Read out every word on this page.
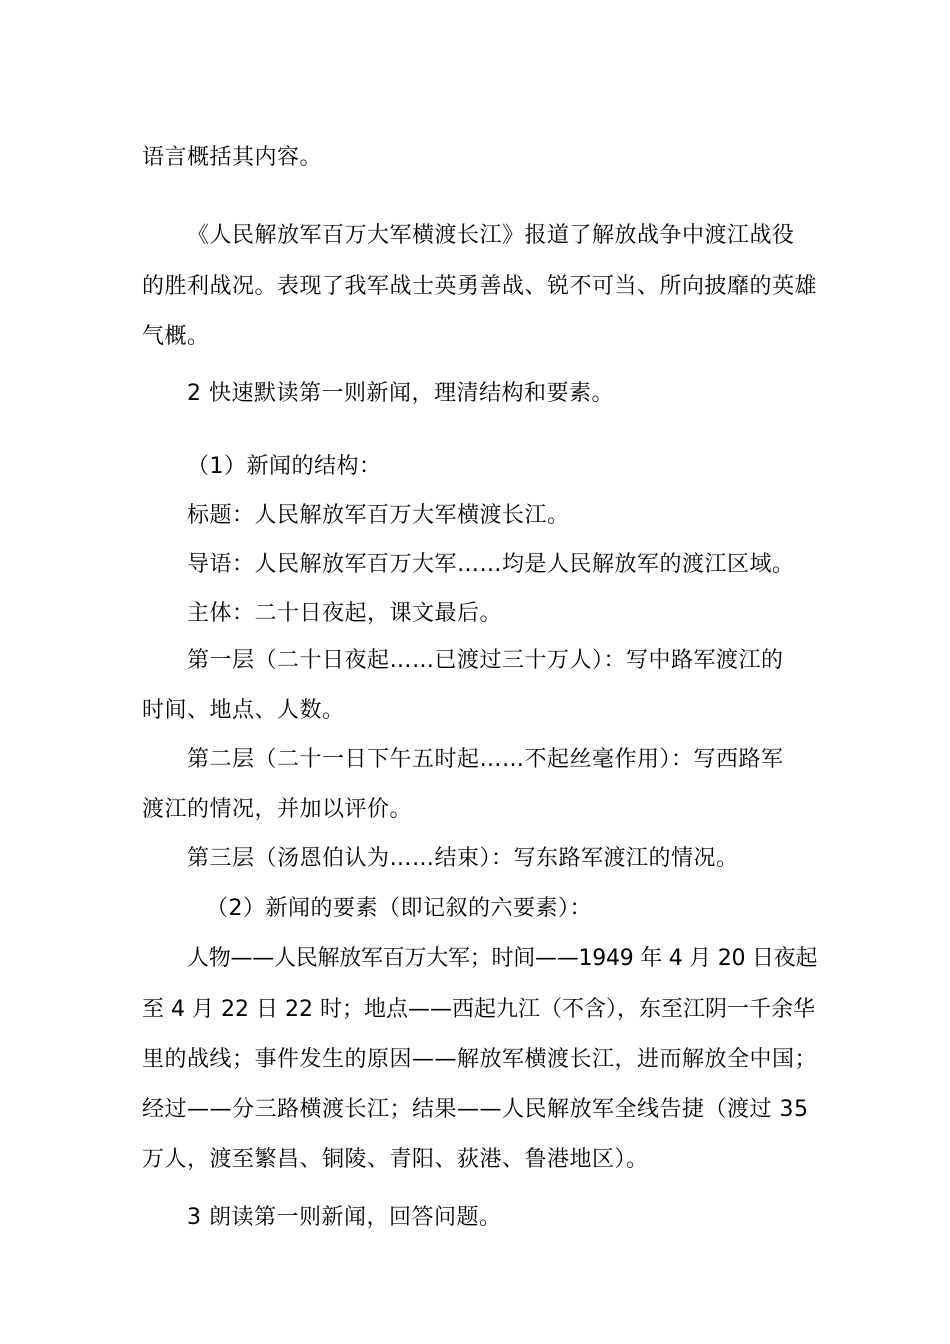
语言概括其内容。
《人民解放军百万大军横渡长江》报道了解放战争中渡江战役
的胜利战况。表现了我军战士英勇善战、锐不可当、所向披靡的英雄
气概。
2 快速默读第一则新闻，理清结构和要素。
（1）新闻的结构：
标题：人民解放军百万大军横渡长江。
导语：人民解放军百万大军……均是人民解放军的渡江区域。
主体：二十日夜起，课文最后。
第一层（二十日夜起……已渡过三十万人）：写中路军渡江的
时间、地点、人数。
第二层（二十一日下午五时起……不起丝毫作用）：写西路军
渡江的情况，并加以评价。
第三层（汤恩伯认为……结束）：写东路军渡江的情况。
（2）新闻的要素（即记叙的六要素）：
人物——人民解放军百万大军；时间——1949 年 4 月 20 日夜起
至 4 月 22 日 22 时；地点——西起九江（不含），东至江阴一千余华
里的战线；事件发生的原因——解放军横渡长江，进而解放全中国；
经过——分三路横渡长江；结果——人民解放军全线告捷（渡过 35
万人，渡至繁昌、铜陵、青阳、荻港、鲁港地区）。
3 朗读第一则新闻，回答问题。
